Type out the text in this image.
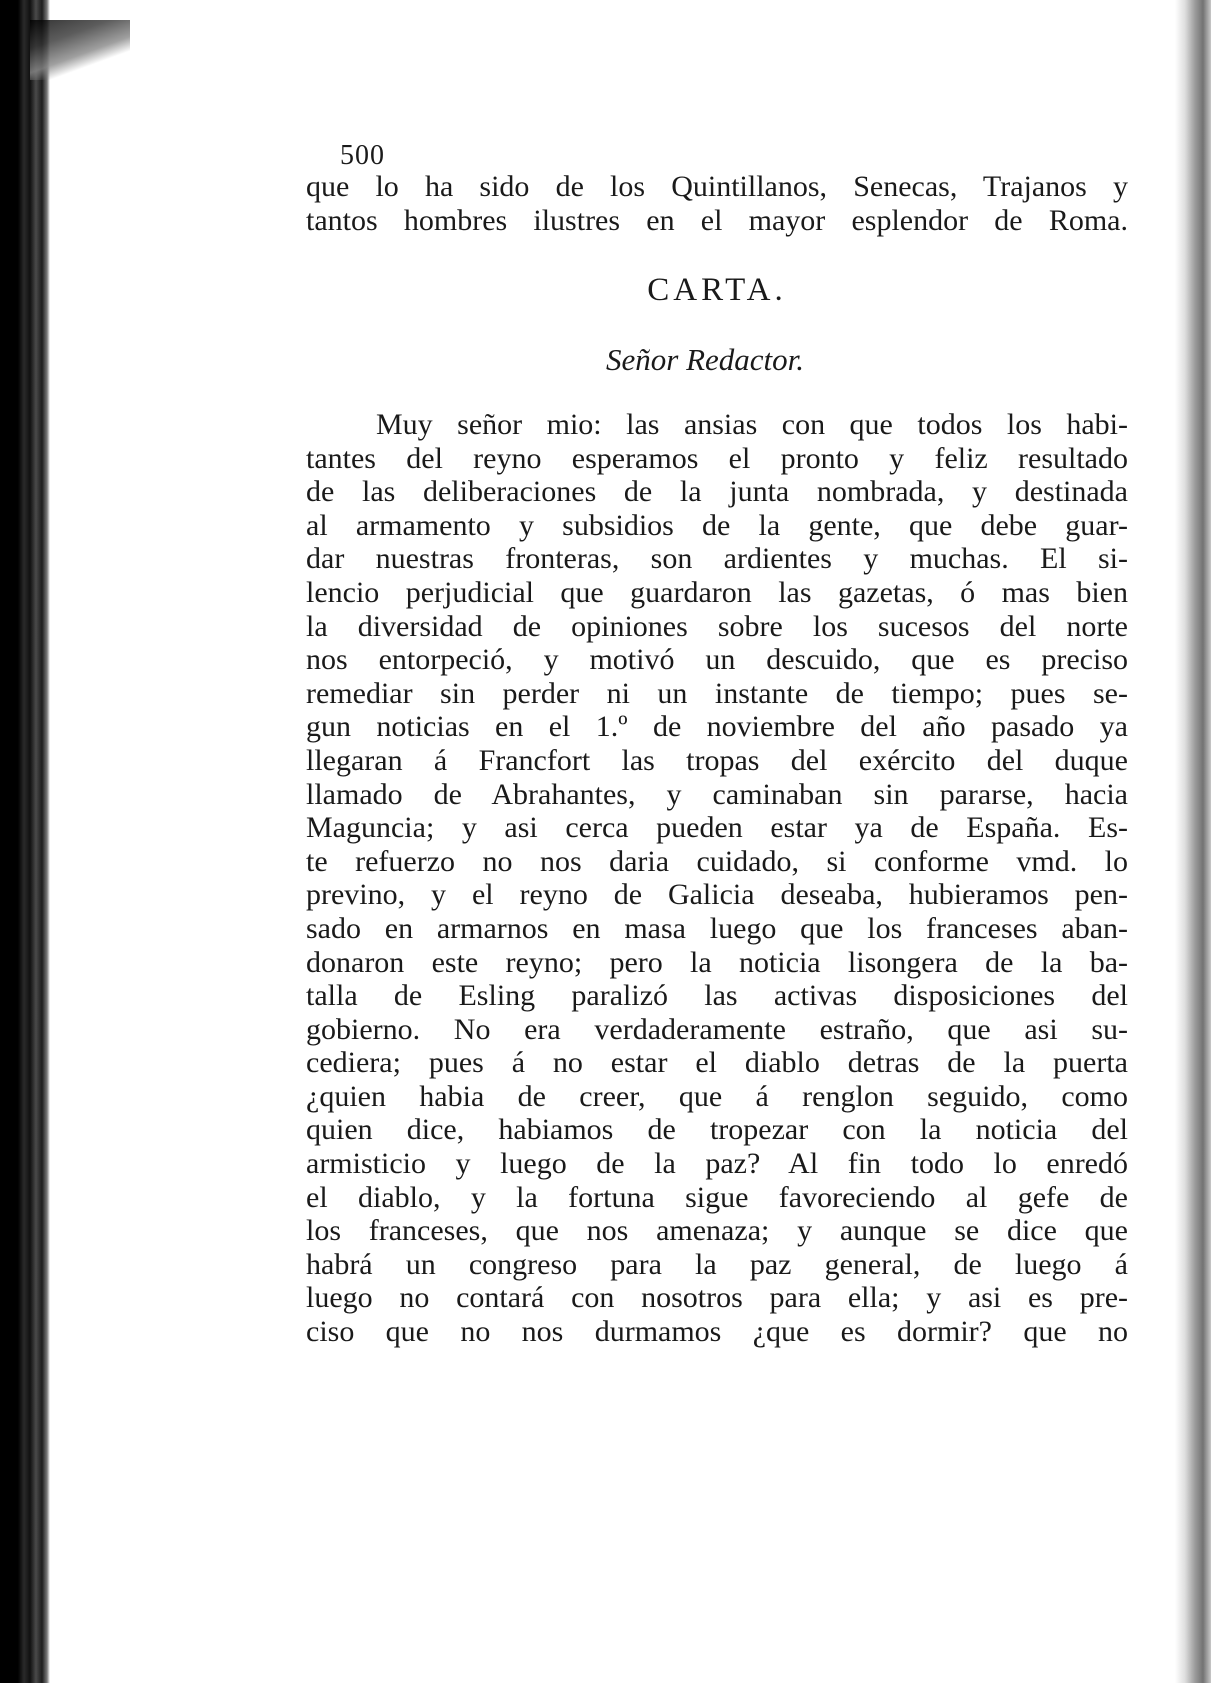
500
que lo ha sido de los Quintillanos, Senecas, Trajanos y
tantos hombres ilustres en el mayor esplendor de Roma.
CARTA.
Señor Redactor.
Muy señor mio: las ansias con que todos los habi-
tantes del reyno esperamos el pronto y feliz resultado
de las deliberaciones de la junta nombrada, y destinada
al armamento y subsidios de la gente, que debe guar-
dar nuestras fronteras, son ardientes y muchas. El si-
lencio perjudicial que guardaron las gazetas, ó mas bien
la diversidad de opiniones sobre los sucesos del norte
nos entorpeció, y motivó un descuido, que es preciso
remediar sin perder ni un instante de tiempo; pues se-
gun noticias en el 1.º de noviembre del año pasado ya
llegaran á Francfort las tropas del exército del duque
llamado de Abrahantes, y caminaban sin pararse, hacia
Maguncia; y asi cerca pueden estar ya de España. Es-
te refuerzo no nos daria cuidado, si conforme vmd. lo
previno, y el reyno de Galicia deseaba, hubieramos pen-
sado en armarnos en masa luego que los franceses aban-
donaron este reyno; pero la noticia lisongera de la ba-
talla de Esling paralizó las activas disposiciones del
gobierno. No era verdaderamente estraño, que asi su-
cediera; pues á no estar el diablo detras de la puerta
¿quien habia de creer, que á renglon seguido, como
quien dice, habiamos de tropezar con la noticia del
armisticio y luego de la paz? Al fin todo lo enredó
el diablo, y la fortuna sigue favoreciendo al gefe de
los franceses, que nos amenaza; y aunque se dice que
habrá un congreso para la paz general, de luego á
luego no contará con nosotros para ella; y asi es pre-
ciso que no nos durmamos ¿que es dormir? que no
